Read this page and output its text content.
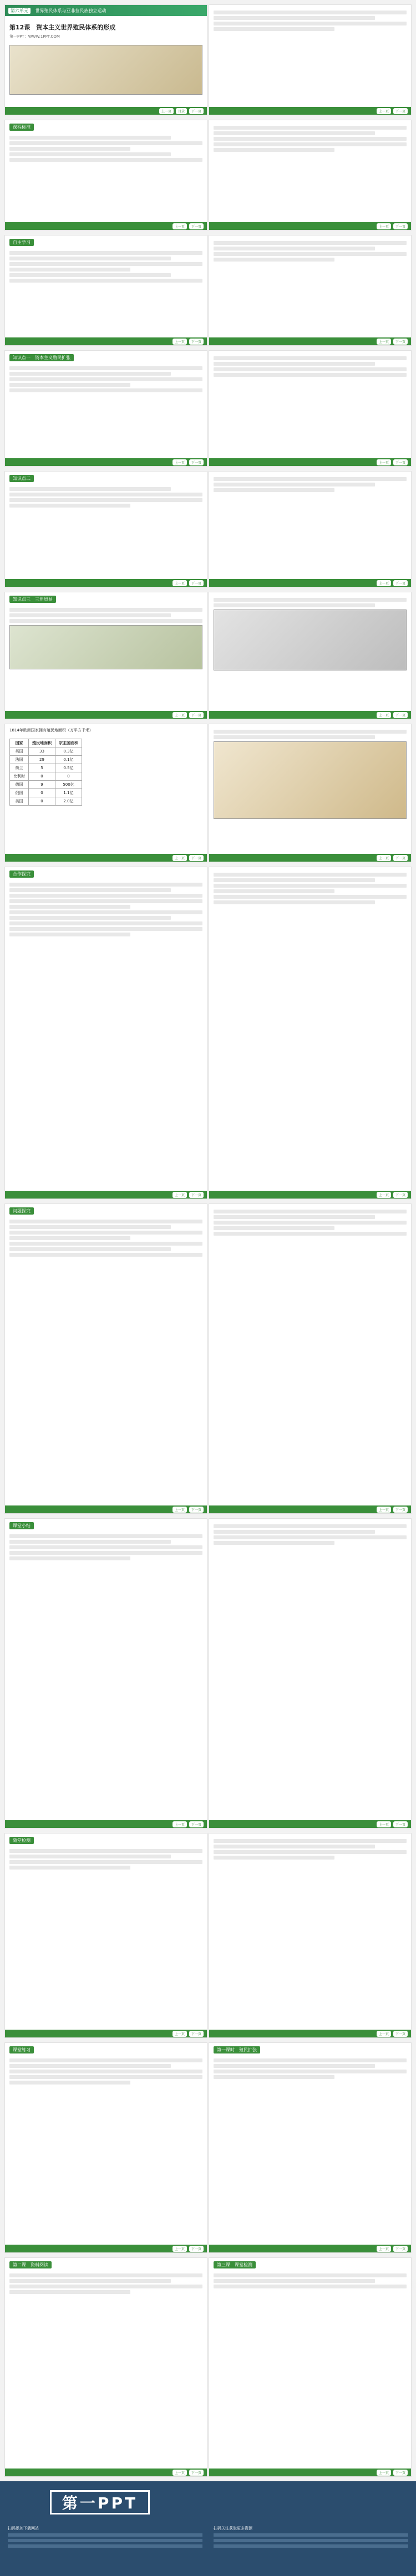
第六单元 世界殖民体系与亚非拉民族独立运动
第12课　资本主义世界殖民体系的形成
第一PPT：WWW.1PPT.COM
上一页	目录	下一页
课程标准
上一页	下一页
自主学习
上一页	下一页
知识点一　资本主义殖民扩张
上一页	下一页
知识点二
上一页	下一页
知识点三　三角贸易
上一页	下一页
1814年欧洲国家拥有殖民地面积（万平方千米）
国家	殖民地面积	宗主国面积
英国	33	0.3亿
法国	29	0.1亿
荷兰	5	0.5亿
比利时	0	0
德国	9	500亿
俄国	0	1.1亿
美国	0	2.0亿
上一页	下一页
合作探究
上一页	下一页
问题探究
上一页	下一页
课堂小结
上一页	下一页
随堂检测
上一页	下一页
课堂练习
上一页	下一页
第二课　资料阅读
上一页	下一页
上一页	下一页
上一页	下一页
上一页	下一页
上一页	下一页
上一页	下一页
上一页	下一页
上一页	下一页
上一页	下一页
上一页	下一页
上一页	下一页
上一页	下一页
第一课时　殖民扩张
上一页	下一页
第三课　课堂检测
上一页	下一页
第一PPT
扫码添加下载网站	扫码关注获取更多资源
